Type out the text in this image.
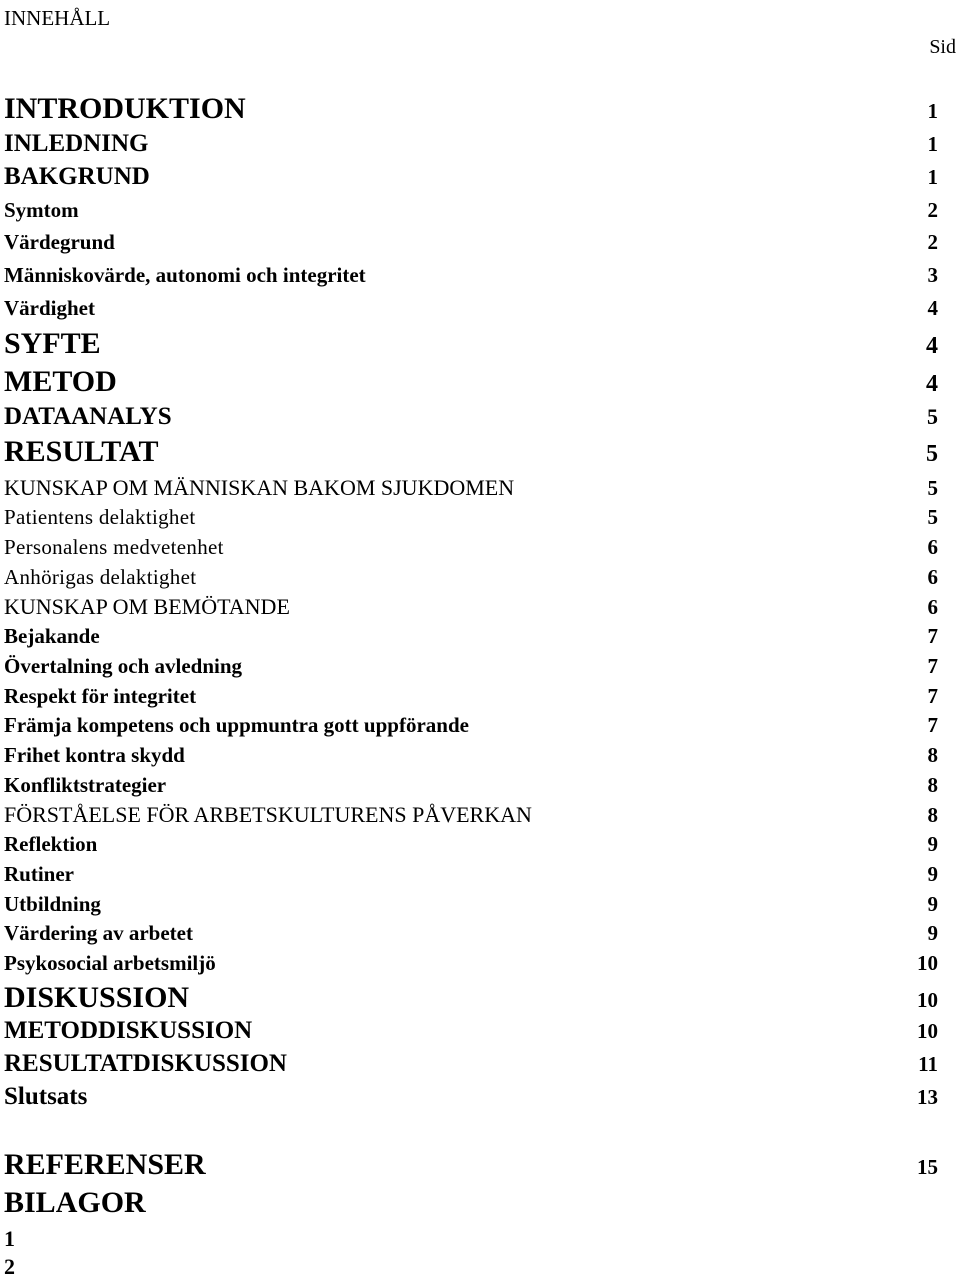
INNEHÅLL
Sid
INTRODUKTION	1
INLEDNING	1
BAKGRUND	1
Symtom	2
Värdegrund	2
Människovärde, autonomi och integritet	3
Värdighet	4
SYFTE	4
METOD	4
DATAANALYS	5
RESULTAT	5
KUNSKAP OM MÄNNISKAN BAKOM SJUKDOMEN	5
Patientens delaktighet	5
Personalens medvetenhet	6
Anhörigas delaktighet	6
KUNSKAP OM BEMÖTANDE	6
Bejakande	7
Övertalning och avledning	7
Respekt för integritet	7
Främja kompetens och uppmuntra gott uppförande	7
Frihet kontra skydd	8
Konfliktstrategier	8
FÖRSTÅELSE FÖR ARBETSKULTURENS PÅVERKAN	8
Reflektion	9
Rutiner	9
Utbildning	9
Värdering av arbetet	9
Psykosocial arbetsmiljö	10
DISKUSSION	10
METODDISKUSSION	10
RESULTATDISKUSSION	11
Slutsats	13
REFERENSER	15
BILAGOR
1
2
